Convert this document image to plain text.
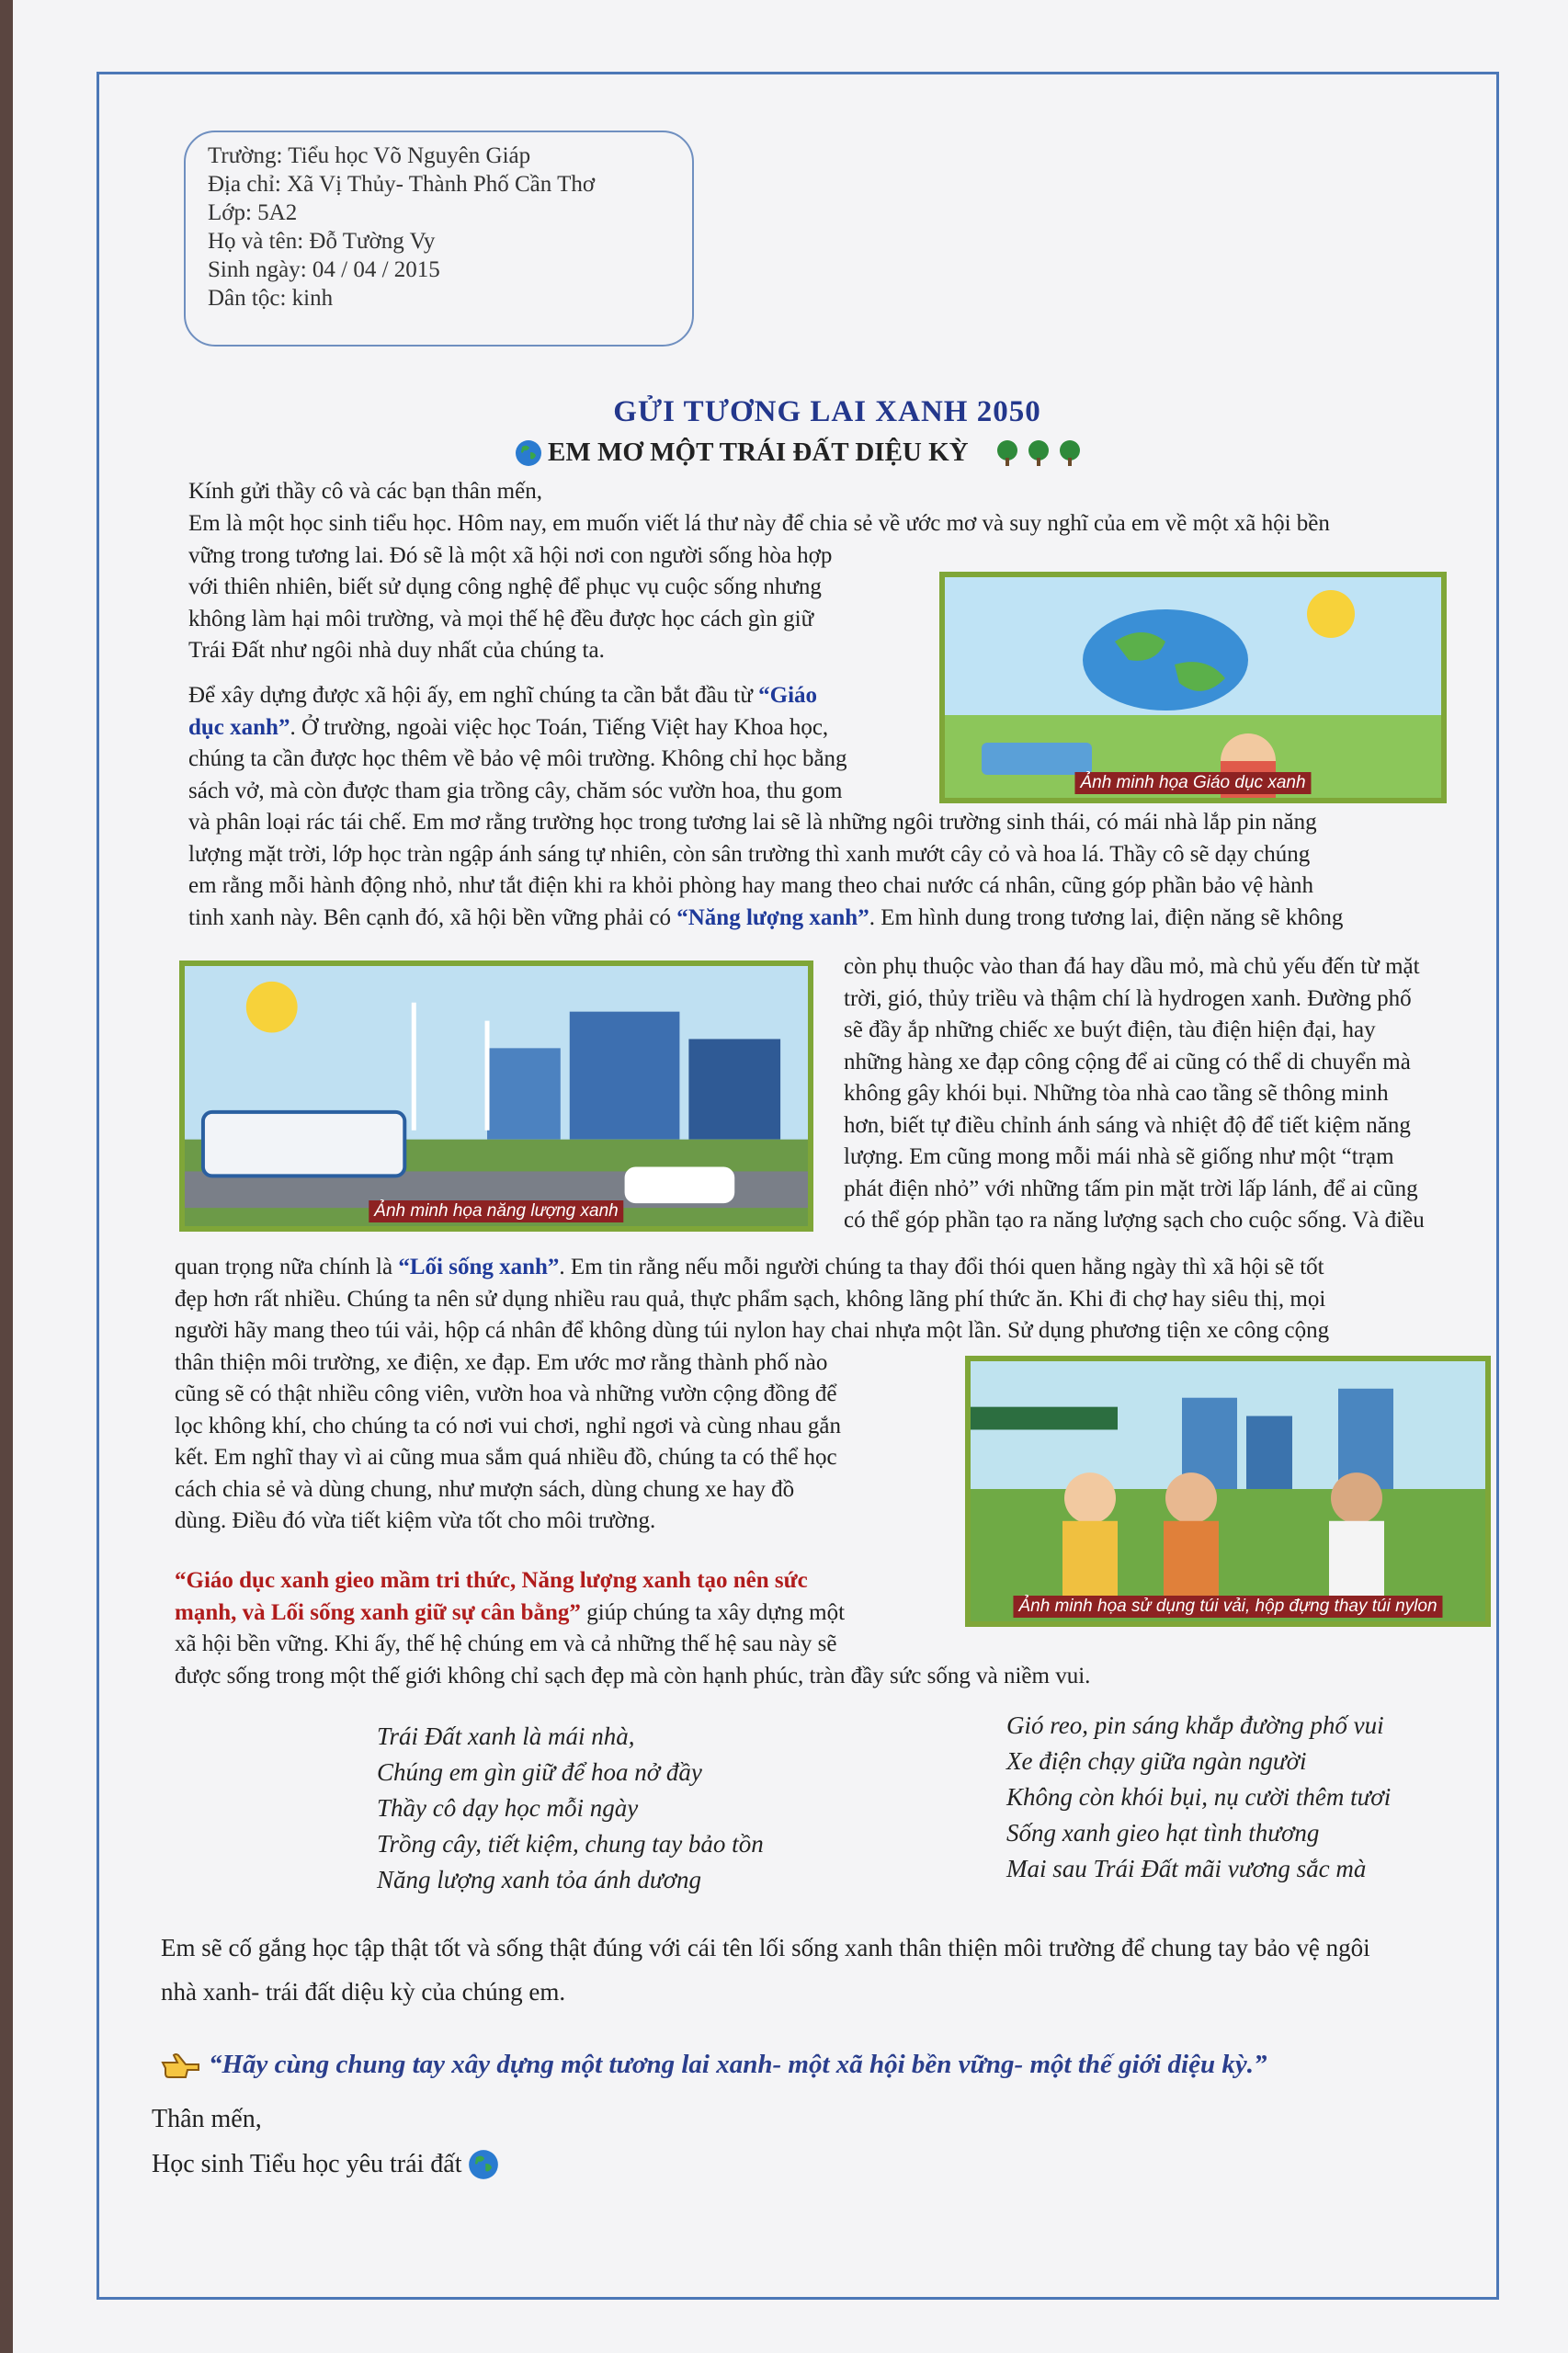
Trường: Tiểu học Võ Nguyên Giáp
Địa chỉ: Xã Vị Thủy- Thành Phố Cần Thơ
Lớp: 5A2
Họ và tên: Đỗ Tường Vy
Sinh ngày: 04 / 04 / 2015
Dân tộc: kinh
GỬI TƯƠNG LAI XANH 2050
EM MƠ MỘT TRÁI ĐẤT DIỆU KỲ
Kính gửi thầy cô và các bạn thân mến,
Em là một học sinh tiểu học. Hôm nay, em muốn viết lá thư này để chia sẻ về ước mơ và suy nghĩ của em về một xã hội bền
vững trong tương lai. Đó sẽ là một xã hội nơi con người sống hòa hợp
với thiên nhiên, biết sử dụng công nghệ để phục vụ cuộc sống nhưng
không làm hại môi trường, và mọi thế hệ đều được học cách gìn giữ
Trái Đất như ngôi nhà duy nhất của chúng ta.
Để xây dựng được xã hội ấy, em nghĩ chúng ta cần bắt đầu từ “Giáo
dục xanh”. Ở trường, ngoài việc học Toán, Tiếng Việt hay Khoa học,
chúng ta cần được học thêm về bảo vệ môi trường. Không chỉ học bằng
sách vở, mà còn được tham gia trồng cây, chăm sóc vườn hoa, thu gom
và phân loại rác tái chế. Em mơ rằng trường học trong tương lai sẽ là những ngôi trường sinh thái, có mái nhà lắp pin năng
lượng mặt trời, lớp học tràn ngập ánh sáng tự nhiên, còn sân trường thì xanh mướt cây cỏ và hoa lá. Thầy cô sẽ dạy chúng
em rằng mỗi hành động nhỏ, như tắt điện khi ra khỏi phòng hay mang theo chai nước cá nhân, cũng góp phần bảo vệ hành
tinh xanh này. Bên cạnh đó, xã hội bền vững phải có “Năng lượng xanh”. Em hình dung trong tương lai, điện năng sẽ không
Ảnh minh họa Giáo dục xanh
Ảnh minh họa năng lượng xanh
còn phụ thuộc vào than đá hay dầu mỏ, mà chủ yếu đến từ mặt
trời, gió, thủy triều và thậm chí là hydrogen xanh. Đường phố
sẽ đầy ắp những chiếc xe buýt điện, tàu điện hiện đại, hay
những hàng xe đạp công cộng để ai cũng có thể di chuyển mà
không gây khói bụi. Những tòa nhà cao tầng sẽ thông minh
hơn, biết tự điều chỉnh ánh sáng và nhiệt độ để tiết kiệm năng
lượng. Em cũng mong mỗi mái nhà sẽ giống như một “trạm
phát điện nhỏ” với những tấm pin mặt trời lấp lánh, để ai cũng
có thể góp phần tạo ra năng lượng sạch cho cuộc sống. Và điều
quan trọng nữa chính là “Lối sống xanh”. Em tin rằng nếu mỗi người chúng ta thay đổi thói quen hằng ngày thì xã hội sẽ tốt
đẹp hơn rất nhiều. Chúng ta nên sử dụng nhiều rau quả, thực phẩm sạch, không lãng phí thức ăn. Khi đi chợ hay siêu thị, mọi
người hãy mang theo túi vải, hộp cá nhân để không dùng túi nylon hay chai nhựa một lần. Sử dụng phương tiện xe công cộng
thân thiện môi trường, xe điện, xe đạp. Em ước mơ rằng thành phố nào
cũng sẽ có thật nhiều công viên, vườn hoa và những vườn cộng đồng để
lọc không khí, cho chúng ta có nơi vui chơi, nghỉ ngơi và cùng nhau gắn
kết. Em nghĩ thay vì ai cũng mua sắm quá nhiều đồ, chúng ta có thể học
cách chia sẻ và dùng chung, như mượn sách, dùng chung xe hay đồ
dùng. Điều đó vừa tiết kiệm vừa tốt cho môi trường.
Ảnh minh họa sử dụng túi vải, hộp đựng thay túi nylon
“Giáo dục xanh gieo mầm tri thức, Năng lượng xanh tạo nên sức
mạnh, và Lối sống xanh giữ sự cân bằng” giúp chúng ta xây dựng một
xã hội bền vững. Khi ấy, thế hệ chúng em và cả những thế hệ sau này sẽ
được sống trong một thế giới không chỉ sạch đẹp mà còn hạnh phúc, tràn đầy sức sống và niềm vui.
Trái Đất xanh là mái nhà,
Chúng em gìn giữ để hoa nở đầy
Thầy cô dạy học mỗi ngày
Trồng cây, tiết kiệm, chung tay bảo tồn
Năng lượng xanh tỏa ánh dương
Gió reo, pin sáng khắp đường phố vui
Xe điện chạy giữa ngàn người
Không còn khói bụi, nụ cười thêm tươi
Sống xanh gieo hạt tình thương
Mai sau Trái Đất mãi vương sắc mà
Em sẽ cố gắng học tập thật tốt và sống thật đúng với cái tên lối sống xanh thân thiện môi trường để chung tay bảo vệ ngôi
nhà xanh- trái đất diệu kỳ của chúng em.
“Hãy cùng chung tay xây dựng một tương lai xanh- một xã hội bền vững- một thế giới diệu kỳ.”
Thân mến,
Học sinh Tiểu học yêu trái đất
